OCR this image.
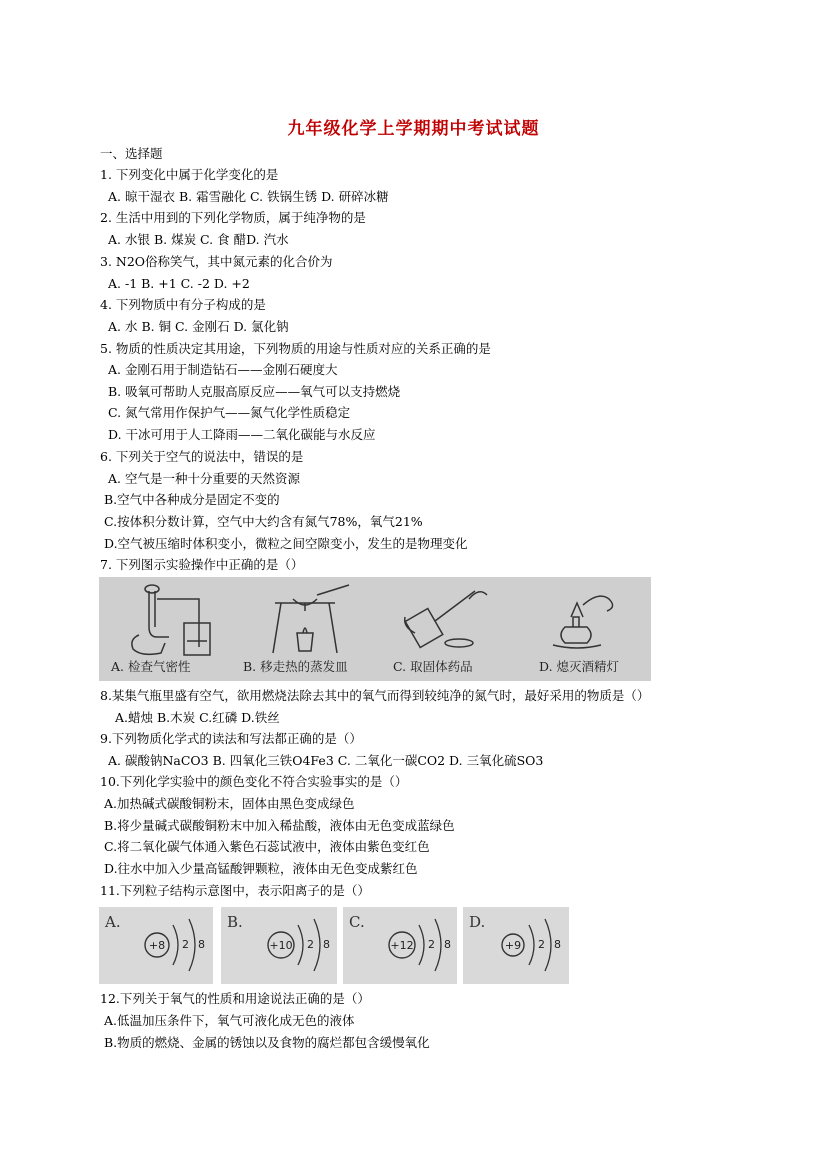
九年级化学上学期期中考试试题
一、选择题
1. 下列变化中属于化学变化的是
A. 晾干湿衣 B. 霜雪融化 C. 铁锅生锈 D. 研碎冰糖
2. 生活中用到的下列化学物质，属于纯净物的是
A. 水银 B. 煤炭 C. 食 醋D. 汽水
3. N2O俗称笑气，其中氮元素的化合价为
A. -1 B. +1 C. -2 D. +2
4. 下列物质中有分子构成的是
A. 水 B. 铜 C. 金刚石 D. 氯化钠
5. 物质的性质决定其用途，下列物质的用途与性质对应的关系正确的是
A. 金刚石用于制造钻石——金刚石硬度大
B. 吸氧可帮助人克服高原反应——氧气可以支持燃烧
C. 氮气常用作保护气——氮气化学性质稳定
D. 干冰可用于人工降雨——二氧化碳能与水反应
6. 下列关于空气的说法中，错误的是
A. 空气是一种十分重要的天然资源
B.空气中各种成分是固定不变的
C.按体积分数计算，空气中大约含有氮气78%，氧气21%
D.空气被压缩时体积变小，微粒之间空隙变小，发生的是物理变化
7. 下列图示实验操作中正确的是（）
A. 检查气密性	B. 移走热的蒸发皿	C. 取固体药品	D. 熄灭酒精灯
8.某集气瓶里盛有空气，欲用燃烧法除去其中的氧气而得到较纯净的氮气时，最好采用的物质是（）
A.蜡烛 B.木炭 C.红磷 D.铁丝
9.下列物质化学式的读法和写法都正确的是（）
A. 碳酸钠NaCO3 B. 四氧化三铁O4Fe3 C. 二氧化一碳CO2 D. 三氧化硫SO3
10.下列化学实验中的颜色变化不符合实验事实的是（）
A.加热碱式碳酸铜粉末，固体由黑色变成绿色
B.将少量碱式碳酸铜粉末中加入稀盐酸，液体由无色变成蓝绿色
C.将二氧化碳气体通入紫色石蕊试液中，液体由紫色变红色
D.往水中加入少量高锰酸钾颗粒，液体由无色变成紫红色
11.下列粒子结构示意图中，表示阳离子的是（）
A.
+8 2 8
B.
+10 2 8
C.
+12 2 8
D.
+9 2 8
12.下列关于氧气的性质和用途说法正确的是（）
A.低温加压条件下，氧气可液化成无色的液体
B.物质的燃烧、金属的锈蚀以及食物的腐烂都包含缓慢氧化
